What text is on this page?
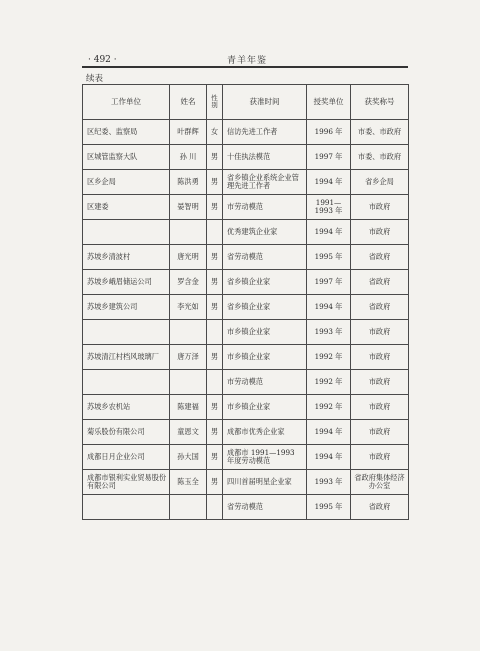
· 492 ·	青羊年鉴
续表
工作单位	姓名	性别	获准时间	授奖单位	获奖称号
区纪委、监察局	叶群辉	女	信访先进工作者	1996 年	市委、市政府
区城管监察大队	孙 川	男	十佳执法模范	1997 年	市委、市政府
区乡企局	陈洪勇	男	省乡镇企业系统企业管理先进工作者	1994 年	省乡企局
区建委	晏智明	男	市劳动模范	1991—1993 年	市政府
			优秀建筑企业家	1994 年	市政府
苏坡乡清波村	唐光明	男	省劳动模范	1995 年	省政府
苏坡乡峨眉储运公司	罗含金	男	省乡镇企业家	1997 年	省政府
苏坡乡建筑公司	李光如	男	省乡镇企业家	1994 年	省政府
			市乡镇企业家	1993 年	市政府
苏坡清江村档风玻璃厂	唐万泽	男	市乡镇企业家	1992 年	市政府
			市劳动模范	1992 年	市政府
苏坡乡农机站	陈建福	男	市乡镇企业家	1992 年	市政府
菊乐股份有限公司	童恩文	男	成都市优秀企业家	1994 年	市政府
成都日月企业公司	孙大国	男	成都市 1991—1993 年度劳动模范	1994 年	市政府
成都市银利实业贸易股份有限公司	陈玉全	男	四川首届明星企业家	1993 年	省政府集体经济办公室
			省劳动模范	1995 年	省政府
